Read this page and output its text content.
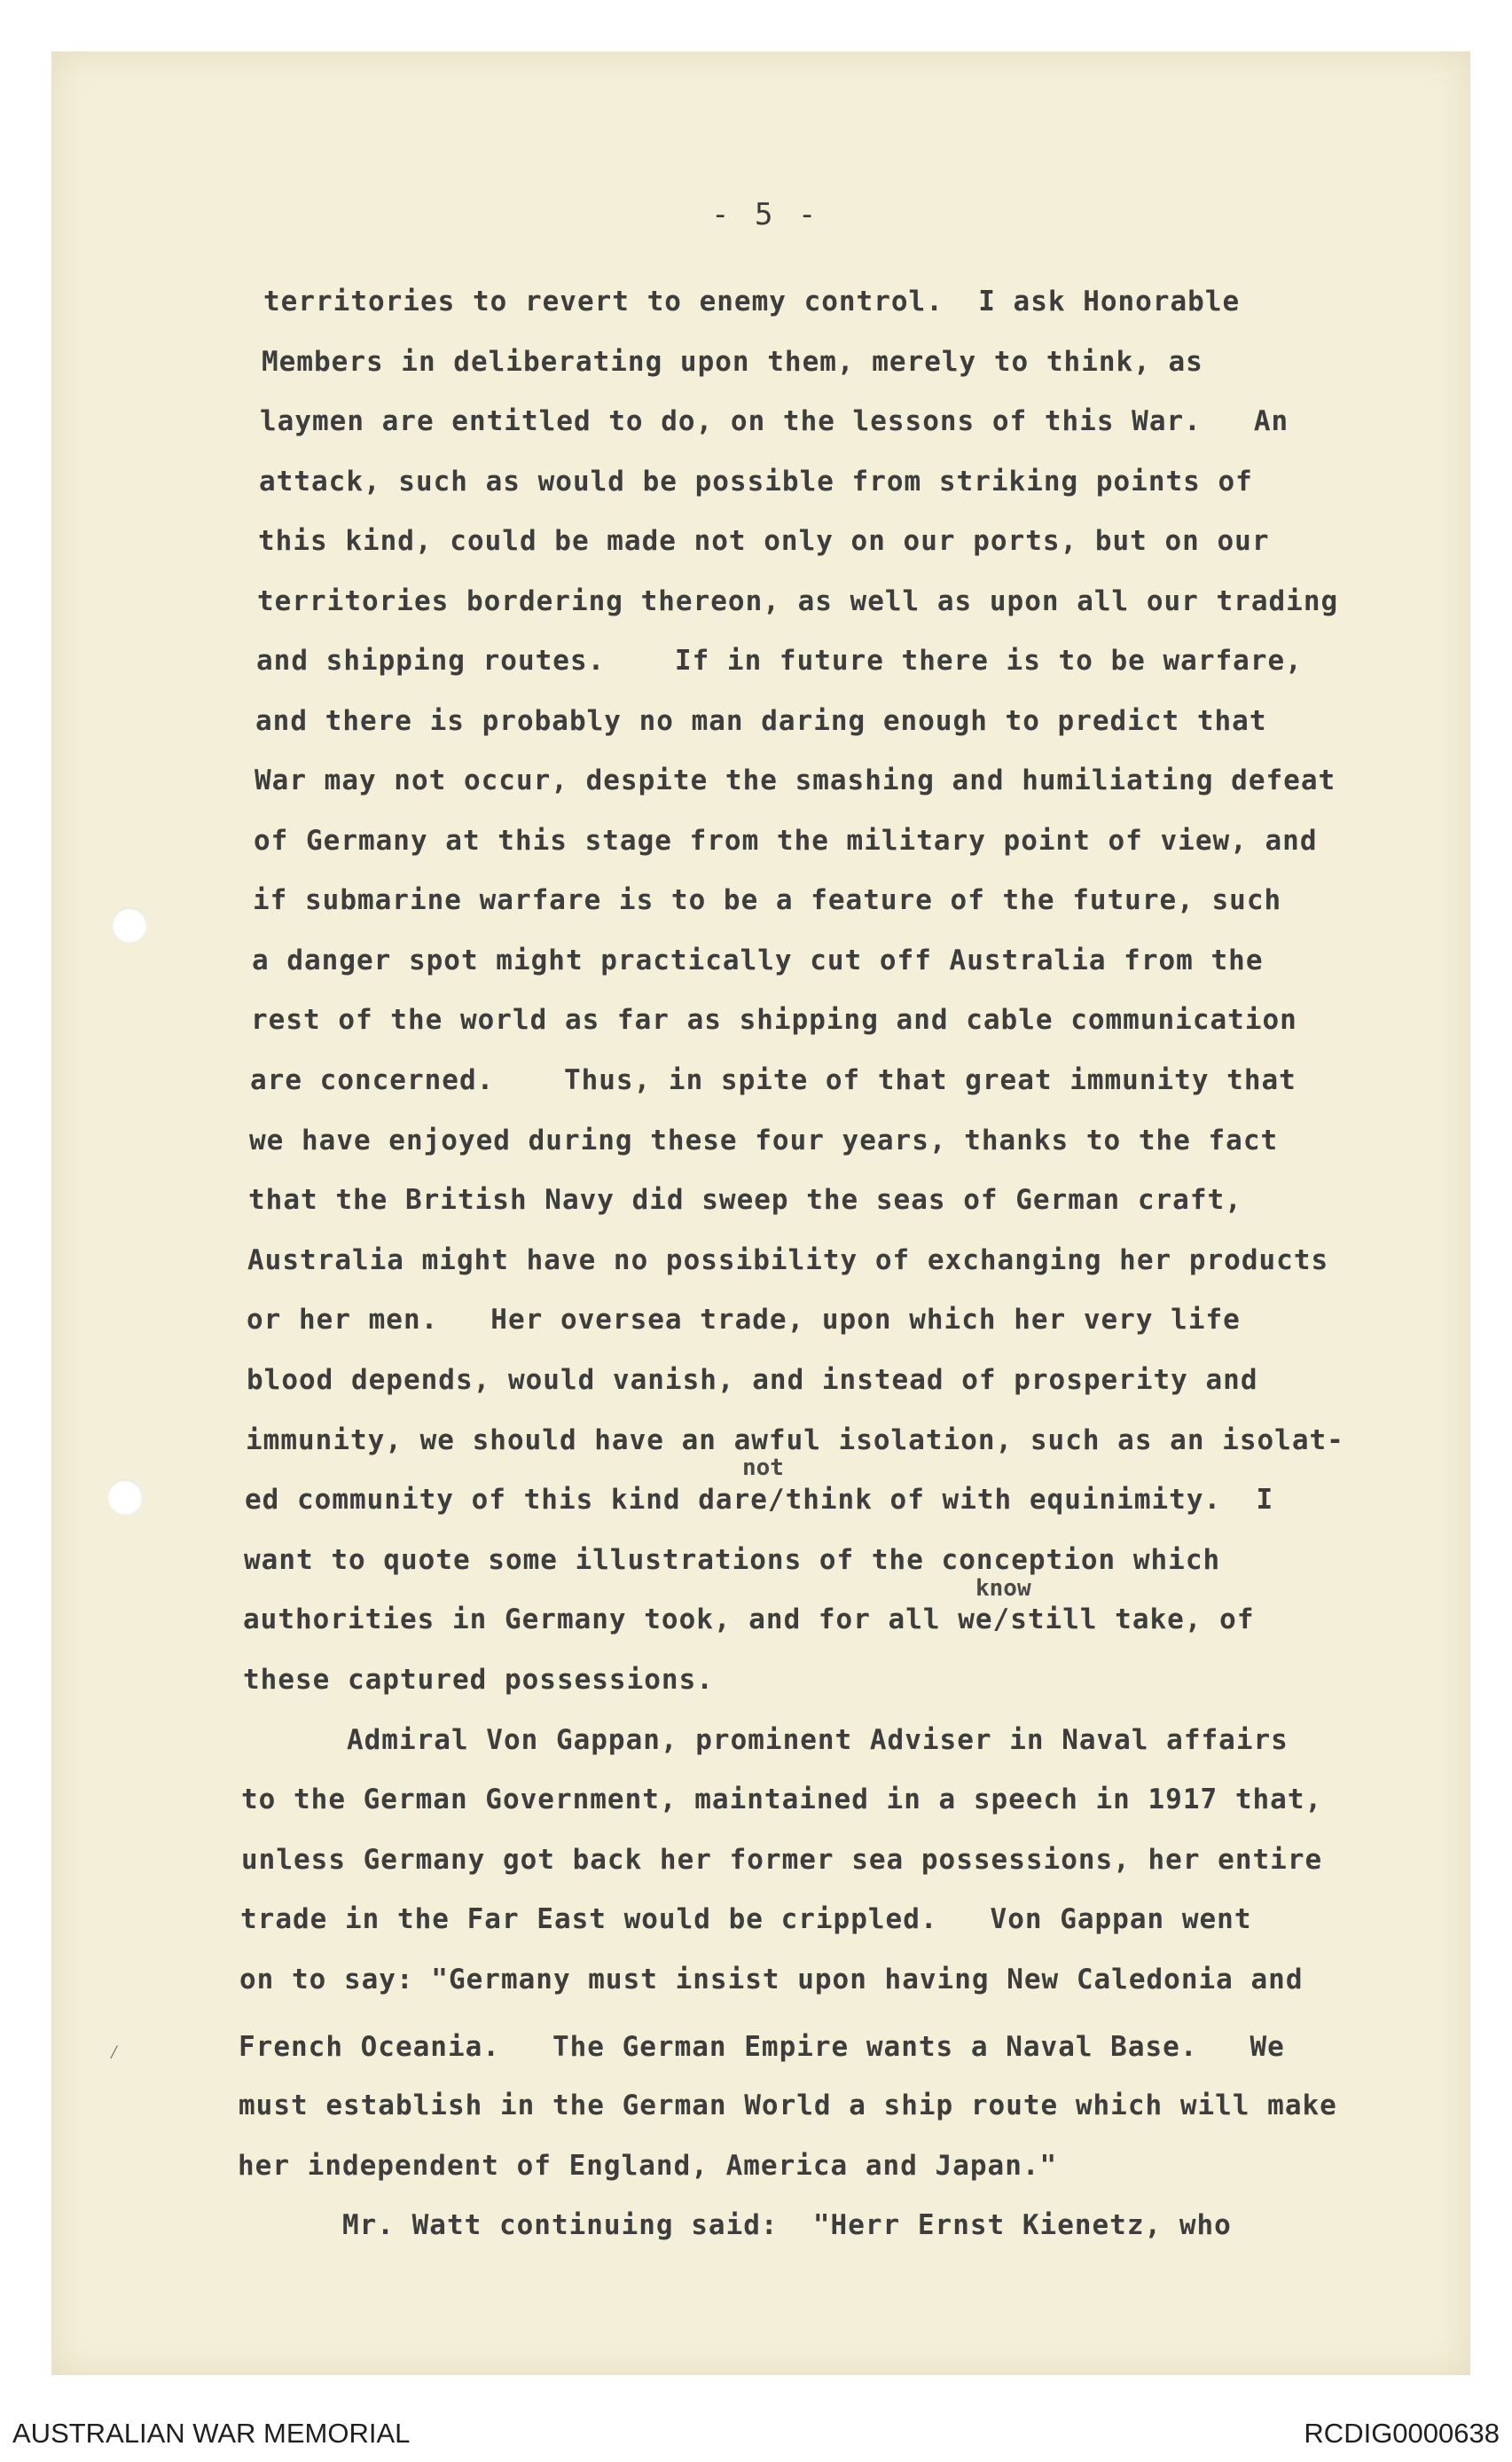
- 5 -
territories to revert to enemy control.  I ask Honorable
Members in deliberating upon them, merely to think, as
laymen are entitled to do, on the lessons of this War.   An
attack, such as would be possible from striking points of
this kind, could be made not only on our ports, but on our
territories bordering thereon, as well as upon all our trading
and shipping routes.    If in future there is to be warfare,
and there is probably no man daring enough to predict that
War may not occur, despite the smashing and humiliating defeat
of Germany at this stage from the military point of view, and
if submarine warfare is to be a feature of the future, such
a danger spot might practically cut off Australia from the
rest of the world as far as shipping and cable communication
are concerned.    Thus, in spite of that great immunity that
we have enjoyed during these four years, thanks to the fact
that the British Navy did sweep the seas of German craft,
Australia might have no possibility of exchanging her products
or her men.   Her oversea trade, upon which her very life
blood depends, would vanish, and instead of prosperity and
immunity, we should have an awful isolation, such as an isolat-
ed community of this kind dare/think of with equinimity.  I
want to quote some illustrations of the conception which
authorities in Germany took, and for all we/still take, of
these captured possessions.
Admiral Von Gappan, prominent Adviser in Naval affairs
to the German Government, maintained in a speech in 1917 that,
unless Germany got back her former sea possessions, her entire
trade in the Far East would be crippled.   Von Gappan went
on to say: "Germany must insist upon having New Caledonia and
French Oceania.   The German Empire wants a Naval Base.   We
must establish in the German World a ship route which will make
her independent of England, America and Japan."
Mr. Watt continuing said:  "Herr Ernst Kienetz, who
not
know
⁄
AUSTRALIAN WAR MEMORIAL	RCDIG0000638
